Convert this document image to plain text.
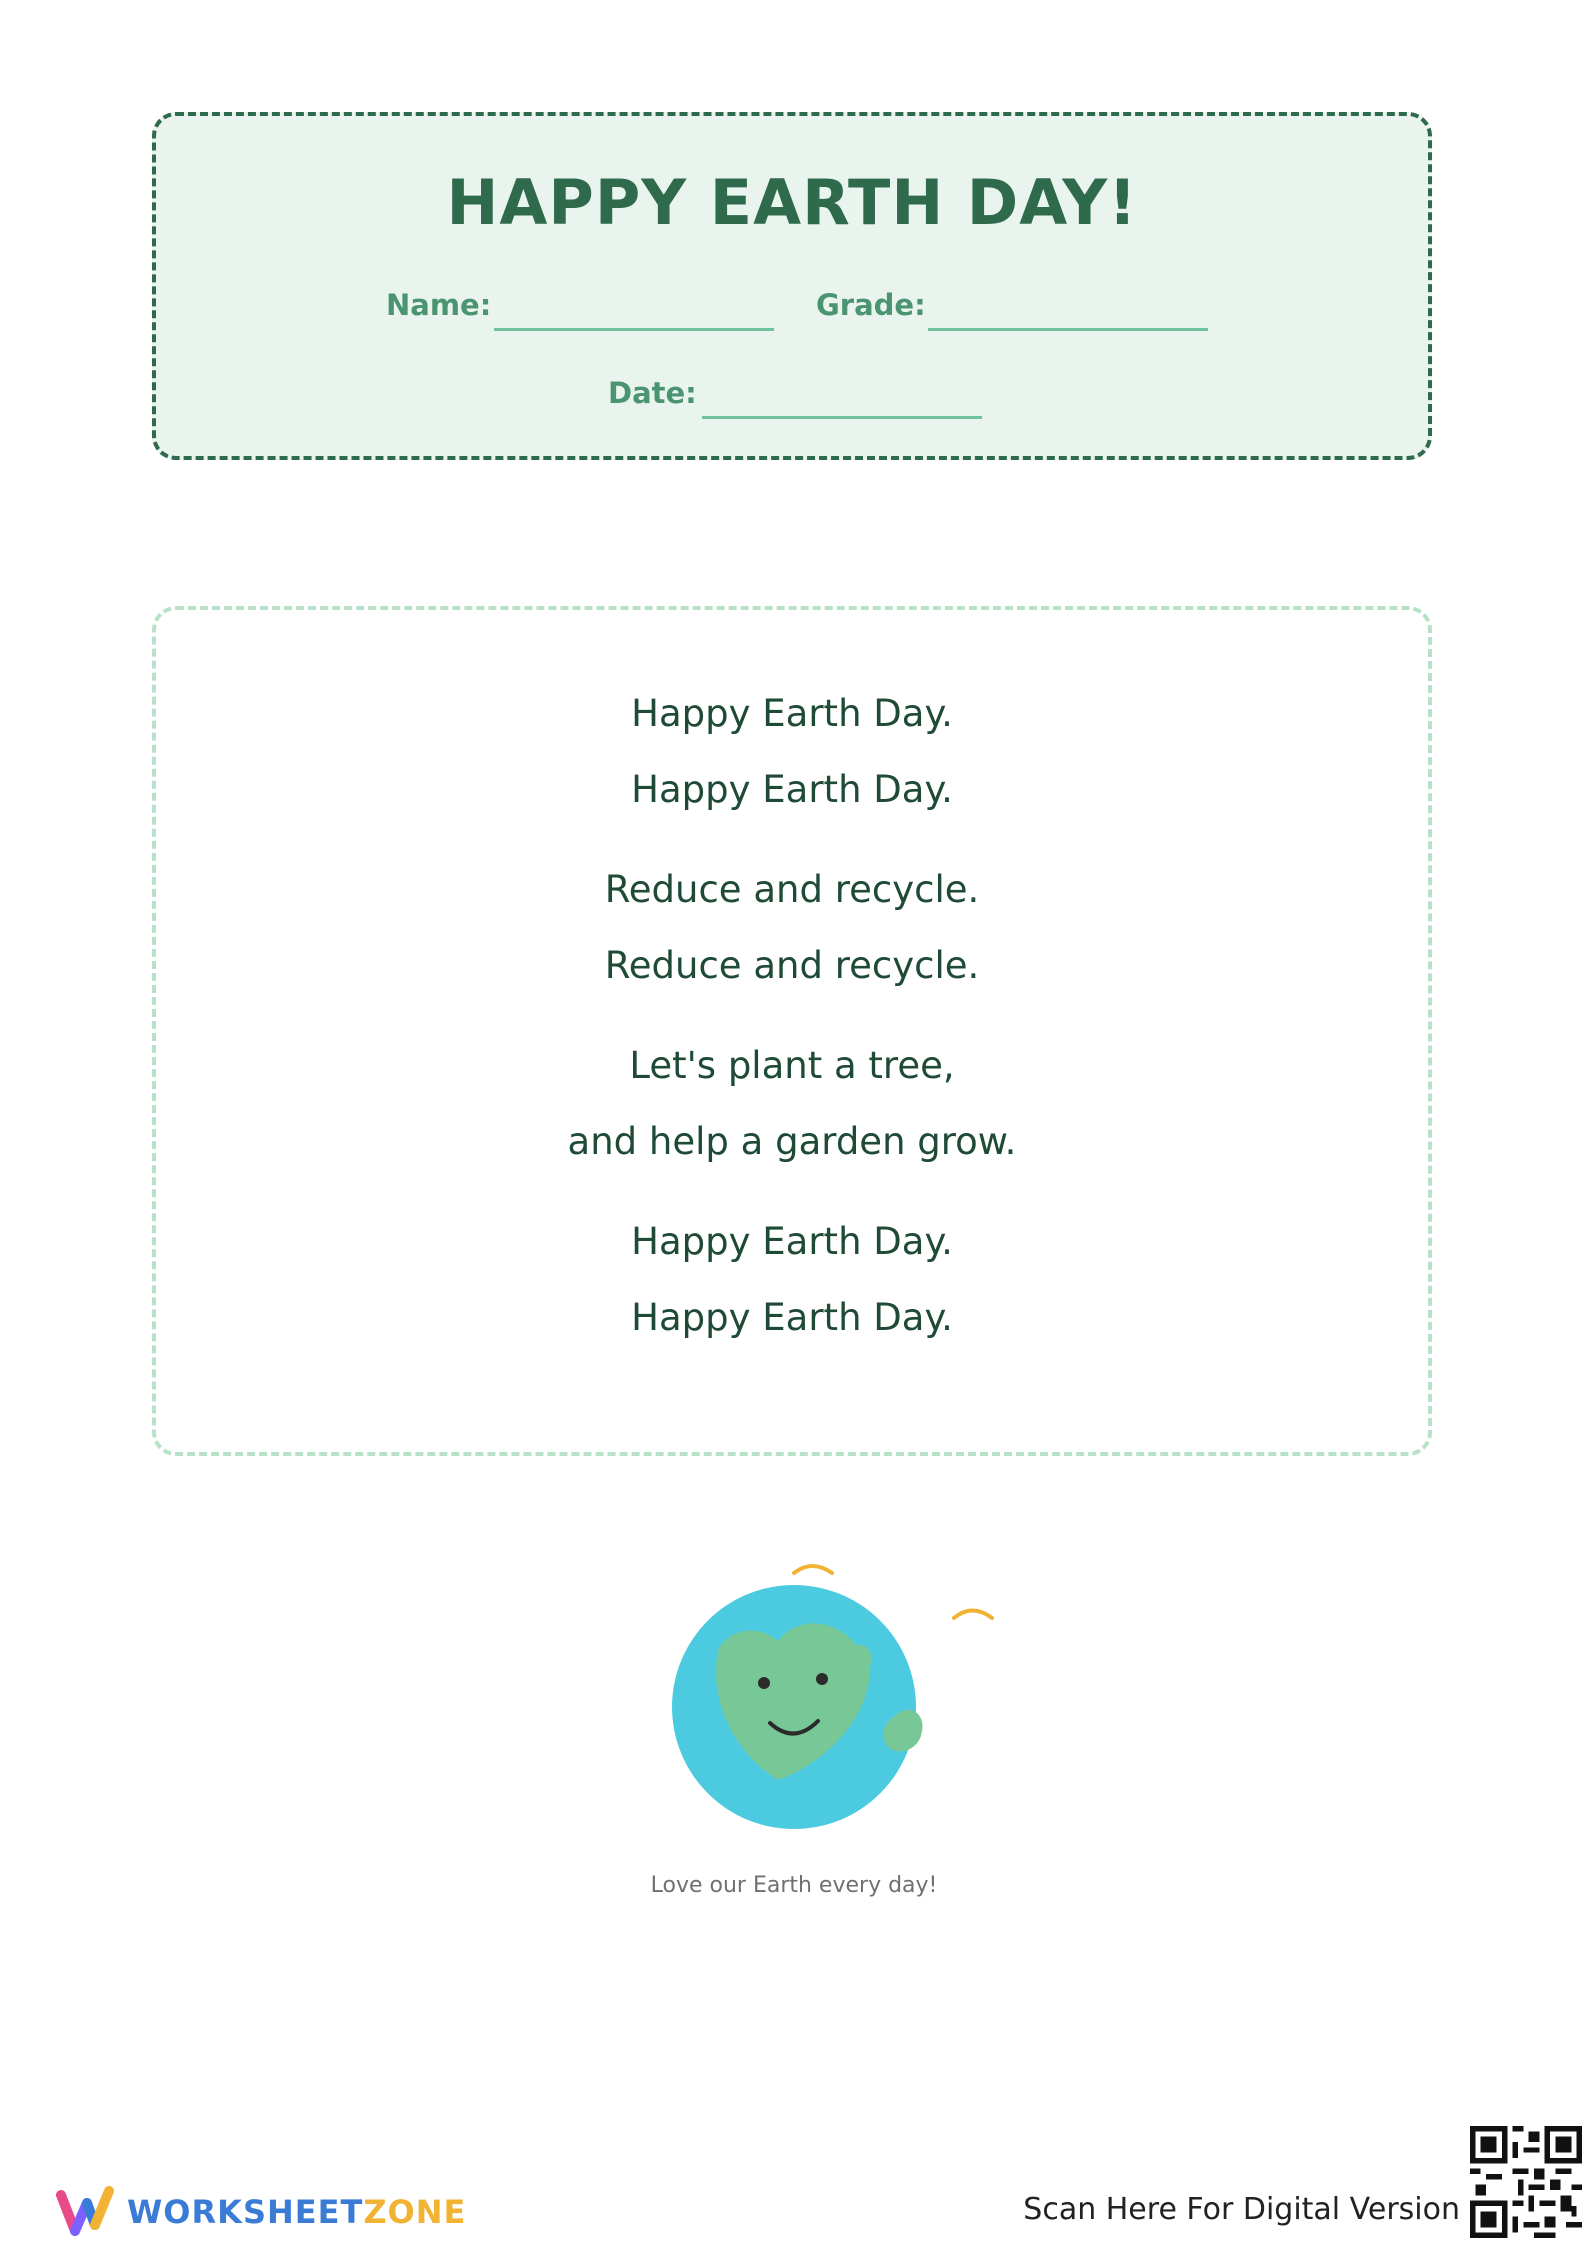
HAPPY EARTH DAY!
Name:	Grade:
Date:
Happy Earth Day.
Happy Earth Day.
Reduce and recycle.
Reduce and recycle.
Let's plant a tree,
and help a garden grow.
Happy Earth Day.
Happy Earth Day.
Love our Earth every day!
WORKSHEETZONE	Scan Here For Digital Version
